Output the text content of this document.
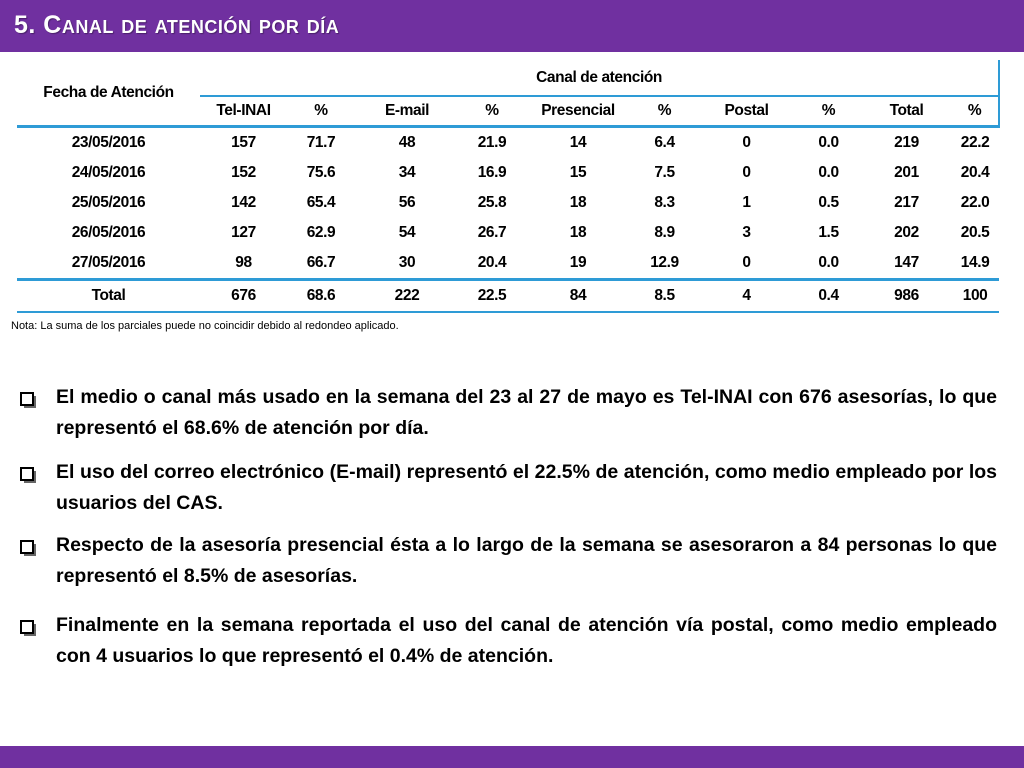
5. Canal de atención por día
Fecha de Atención	Canal de atención									
	Tel-INAI	%	E-mail	%	Presencial	%	Postal	%	Total	%
23/05/2016	157	71.7	48	21.9	14	6.4	0	0.0	219	22.2
24/05/2016	152	75.6	34	16.9	15	7.5	0	0.0	201	20.4
25/05/2016	142	65.4	56	25.8	18	8.3	1	0.5	217	22.0
26/05/2016	127	62.9	54	26.7	18	8.9	3	1.5	202	20.5
27/05/2016	98	66.7	30	20.4	19	12.9	0	0.0	147	14.9
Total	676	68.6	222	22.5	84	8.5	4	0.4	986	100
Nota: La suma de los parciales puede no coincidir debido al redondeo aplicado.
El medio o canal más usado en la semana del 23 al 27 de mayo es Tel-INAI con 676 asesorías, lo que representó el 68.6% de atención por día.
El uso del correo electrónico (E-mail) representó el 22.5% de atención, como medio empleado por los usuarios del CAS.
Respecto de la asesoría presencial ésta a lo largo de la semana se asesoraron a 84 personas lo que representó el 8.5% de asesorías.
Finalmente en la semana reportada el uso del canal de atención vía postal, como medio empleado con 4 usuarios lo que representó el 0.4% de atención.
